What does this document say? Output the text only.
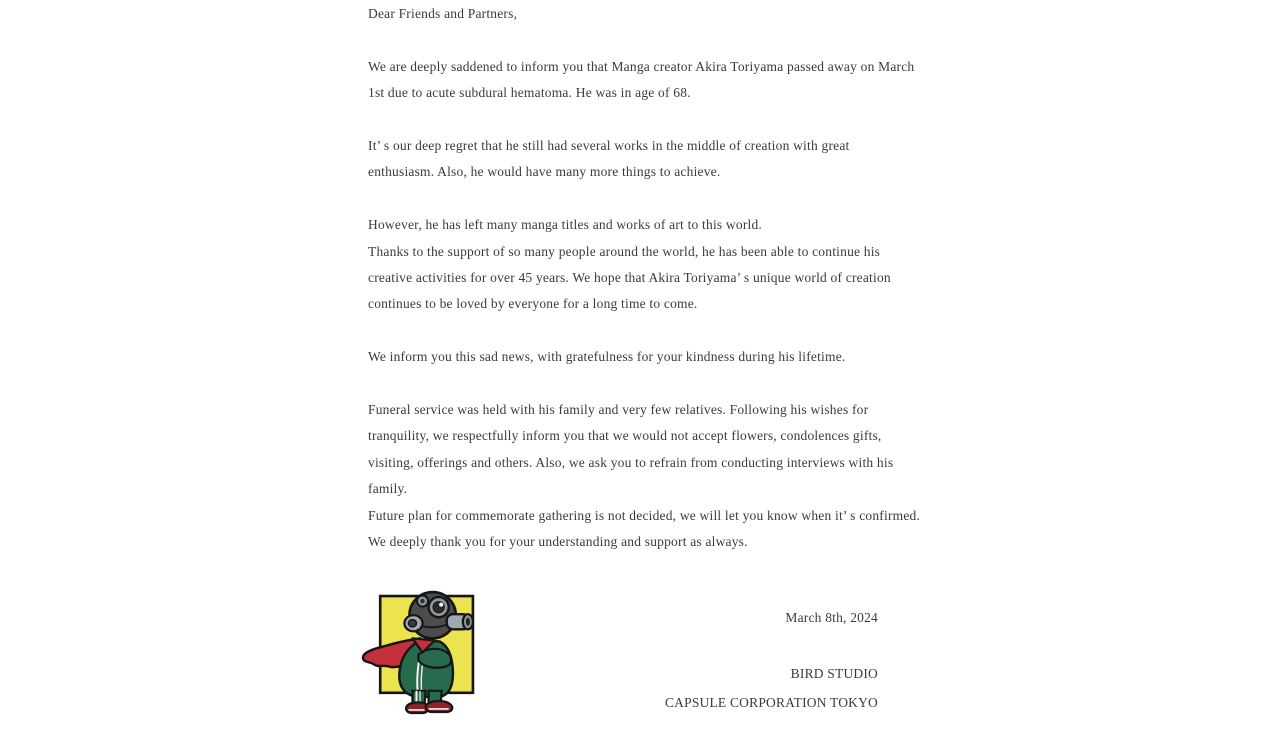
Dear Friends and Partners,
We are deeply saddened to inform you that Manga creator Akira Toriyama passed away on March
1st due to acute subdural hematoma. He was in age of 68.
It’ s our deep regret that he still had several works in the middle of creation with great
enthusiasm. Also, he would have many more things to achieve.
However, he has left many manga titles and works of art to this world.
Thanks to the support of so many people around the world, he has been able to continue his
creative activities for over 45 years. We hope that Akira Toriyama’ s unique world of creation
continues to be loved by everyone for a long time to come.
We inform you this sad news, with gratefulness for your kindness during his lifetime.
Funeral service was held with his family and very few relatives. Following his wishes for
tranquility, we respectfully inform you that we would not accept flowers, condolences gifts,
visiting, offerings and others. Also, we ask you to refrain from conducting interviews with his
family.
Future plan for commemorate gathering is not decided, we will let you know when it’ s confirmed.
We deeply thank you for your understanding and support as always.
March 8th, 2024
BIRD STUDIO
CAPSULE CORPORATION TOKYO
